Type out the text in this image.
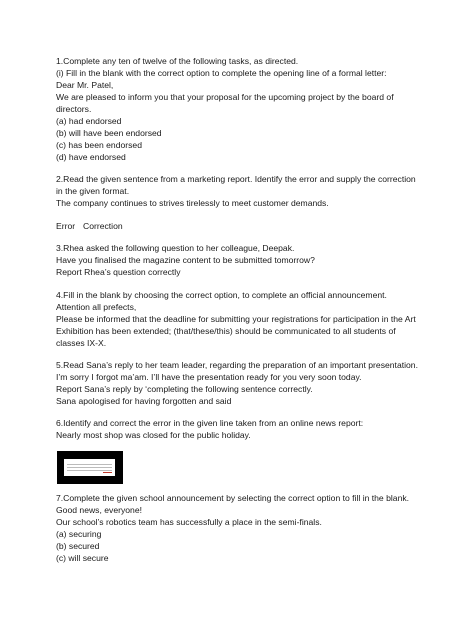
1.Complete any ten of twelve of the following tasks, as directed.
(i) Fill in the blank with the correct option to complete the opening line of a formal letter:
Dear Mr. Patel,
We are pleased to inform you that your proposal for the upcoming project by the board of
directors.
(a) had endorsed
(b) will have been endorsed
(c) has been endorsed
(d) have endorsed
2.Read the given sentence from a marketing report. Identify the error and supply the correction
in the given format.
The company continues to strives tirelessly to meet customer demands.
Error Correction
3.Rhea asked the following question to her colleague, Deepak.
Have you finalised the magazine content to be submitted tomorrow?
Report Rhea’s question correctly
4.Fill in the blank by choosing the correct option, to complete an official announcement.
Attention all prefects,
Please be informed that the deadline for submitting your registrations for participation in the Art
Exhibition has been extended; (that/these/this) should be communicated to all students of
classes IX-X.
5.Read Sana’s reply to her team leader, regarding the preparation of an important presentation.
I’m sorry I forgot ma’am. I’ll have the presentation ready for you very soon today.
Report Sana’s reply by ‘completing the following sentence correctly.
Sana apologised for having forgotten and said
6.Identify and correct the error in the given line taken from an online news report:
Nearly most shop was closed for the public holiday.
7.Complete the given school announcement by selecting the correct option to fill in the blank.
Good news, everyone!
Our school’s robotics team has successfully a place in the semi-finals.
(a) securing
(b) secured
(c) will secure
